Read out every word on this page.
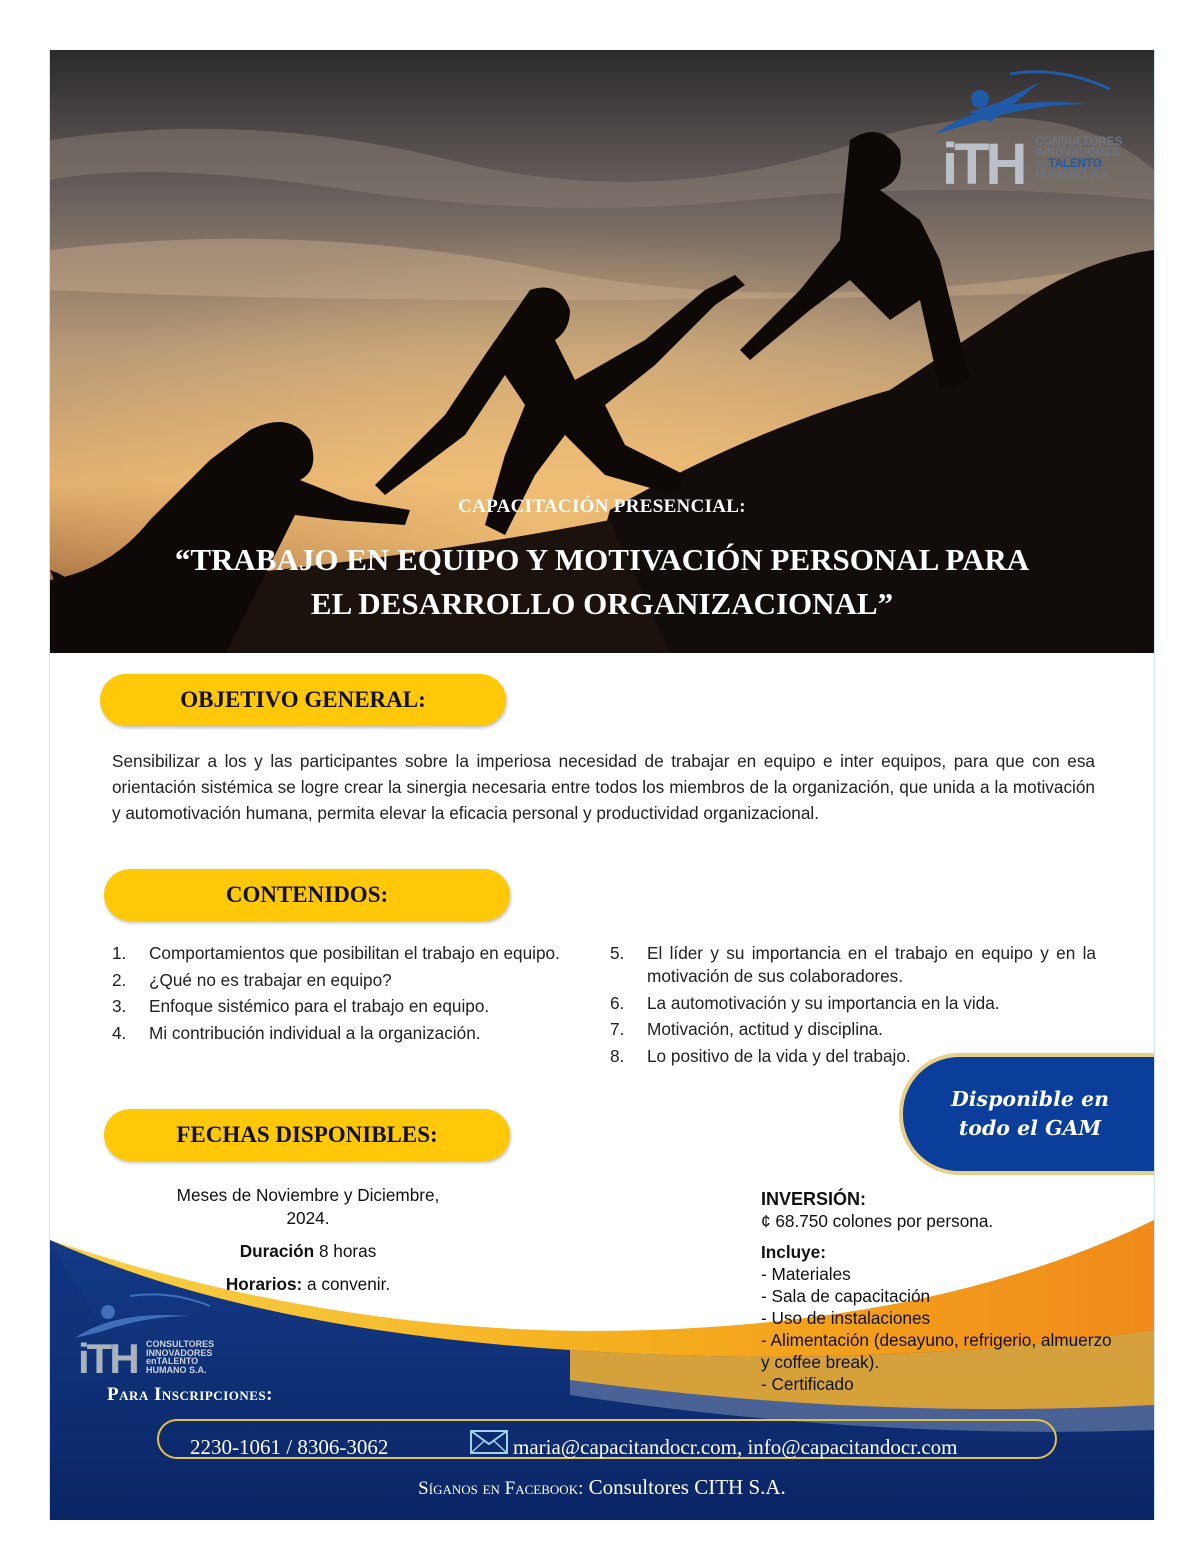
iTH CONSULTORES
INNOVADORES
enTALENTO
HUMANO S.A.
CAPACITACIÓN PRESENCIAL:
“TRABAJO EN EQUIPO Y MOTIVACIÓN PERSONAL PARA
EL DESARROLLO ORGANIZACIONAL”
OBJETIVO GENERAL:
Sensibilizar a los y las participantes sobre la imperiosa necesidad de trabajar en equipo e inter equipos, para que con esa orientación sistémica se logre crear la sinergia necesaria entre todos los miembros de la organización, que unida a la motivación y automotivación humana, permita elevar la eficacia personal y productividad organizacional.
CONTENIDOS:
1. Comportamientos que posibilitan el trabajo en equipo.
2. ¿Qué no es trabajar en equipo?
3. Enfoque sistémico para el trabajo en equipo.
4. Mi contribución individual a la organización.
5. El líder y su importancia en el trabajo en equipo y en la motivación de sus colaboradores.
6. La automotivación y su importancia en la vida.
7. Motivación, actitud y disciplina.
8. Lo positivo de la vida y del trabajo.
Disponible en
todo el GAM
FECHAS DISPONIBLES:

Meses de Noviembre y Diciembre, 2024.

Duración 8 horas

Horarios: a convenir.

INVERSIÓN:

¢ 68.750 colones por persona.

Incluye:

- Materiales

- Sala de capacitación

- Uso de instalaciones

- Alimentación (desayuno, refrigerio, almuerzo y coffee break).

- Certificado

iTH CONSULTORES
INNOVADORES
enTALENTO
HUMANO S.A.
Para Inscripciones:
2230-1061 / 8306-3062	maria@capacitandocr.com, info@capacitandocr.com
Síganos en Facebook: Consultores CITH S.A.
